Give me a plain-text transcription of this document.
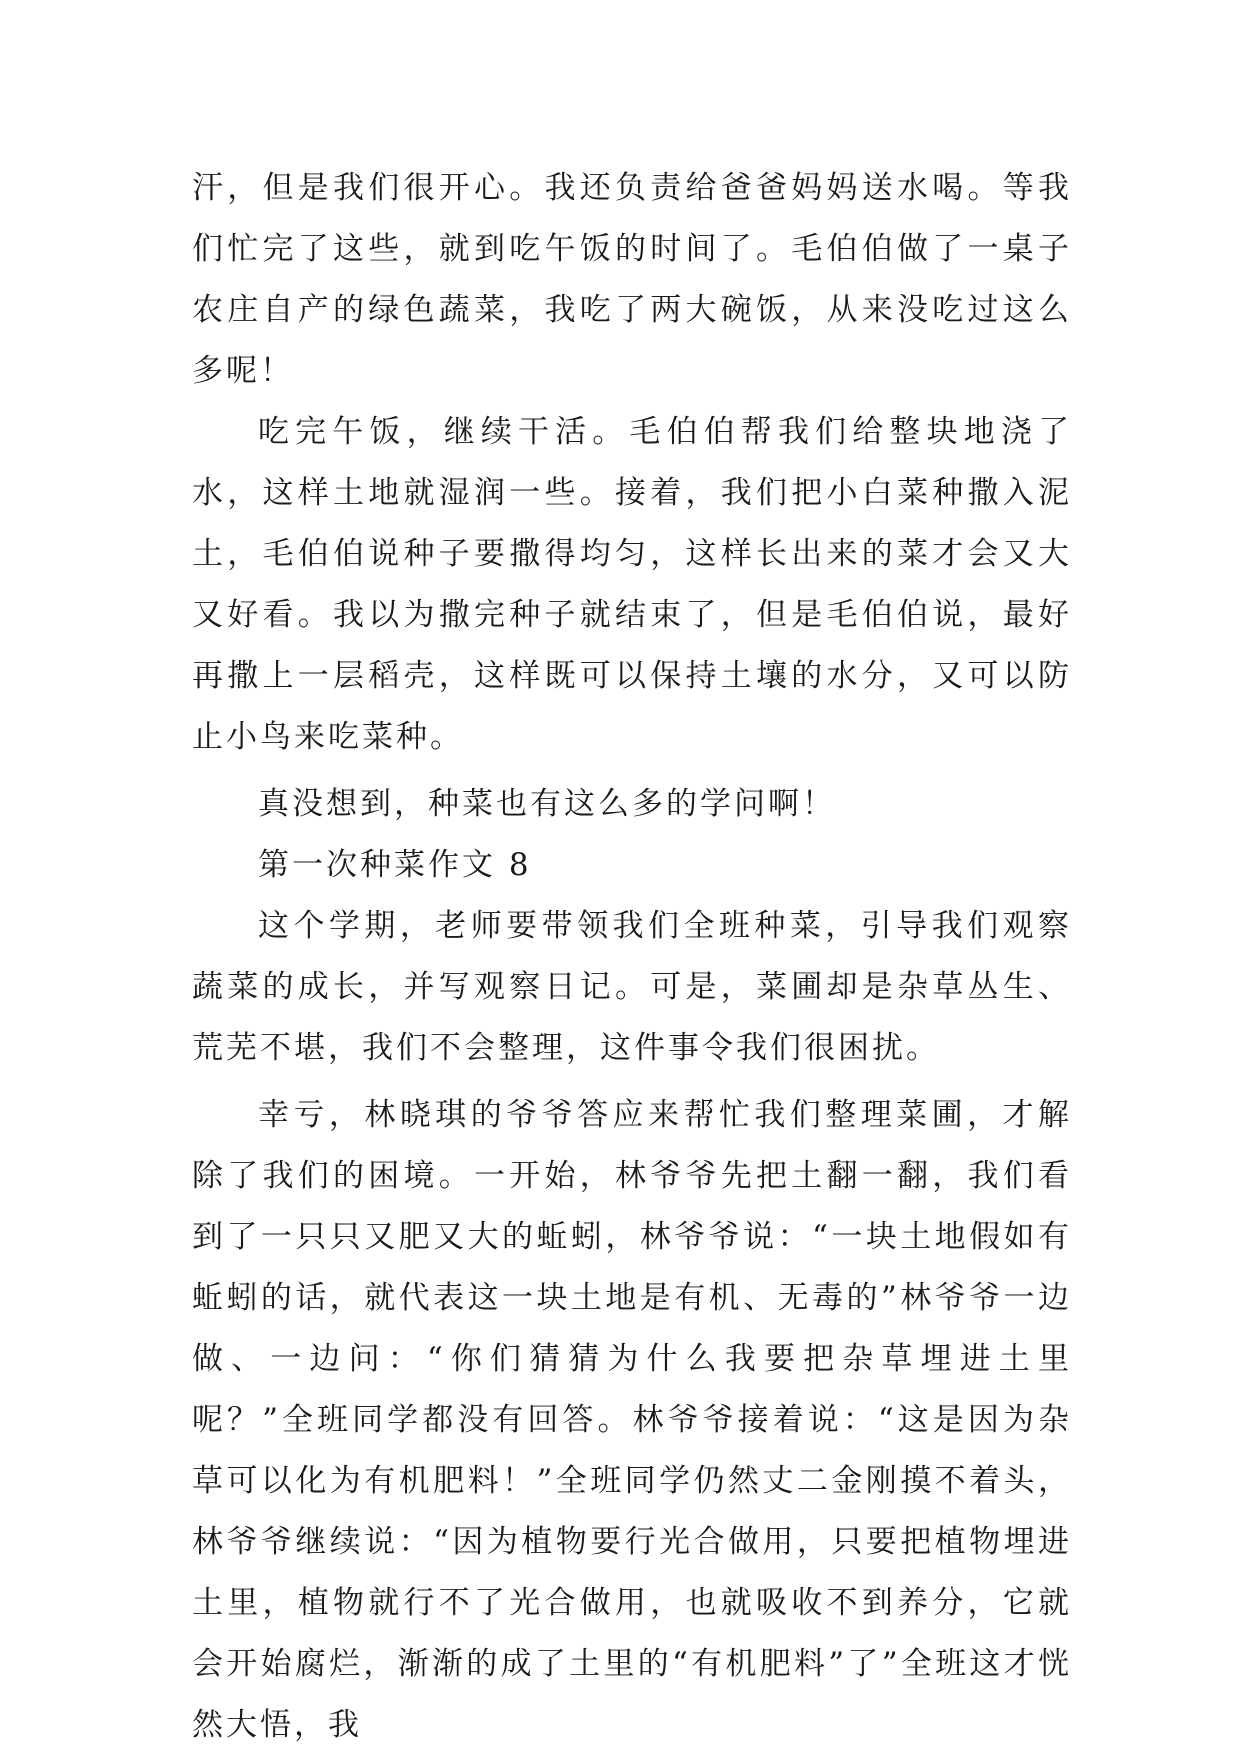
汗，但是我们很开心。我还负责给爸爸妈妈送水喝。等我们忙完了这些，就到吃午饭的时间了。毛伯伯做了一桌子农庄自产的绿色蔬菜，我吃了两大碗饭，从来没吃过这么多呢！

吃完午饭，继续干活。毛伯伯帮我们给整块地浇了水，这样土地就湿润一些。接着，我们把小白菜种撒入泥土，毛伯伯说种子要撒得均匀，这样长出来的菜才会又大又好看。我以为撒完种子就结束了，但是毛伯伯说，最好再撒上一层稻壳，这样既可以保持土壤的水分，又可以防止小鸟来吃菜种。

真没想到，种菜也有这么多的学问啊！

第一次种菜作文 8

这个学期，老师要带领我们全班种菜，引导我们观察蔬菜的成长，并写观察日记。可是，菜圃却是杂草丛生、荒芜不堪，我们不会整理，这件事令我们很困扰。

幸亏，林晓琪的爷爷答应来帮忙我们整理菜圃，才解除了我们的困境。一开始，林爷爷先把土翻一翻，我们看到了一只只又肥又大的蚯蚓，林爷爷说：“一块土地假如有蚯蚓的话，就代表这一块土地是有机、无毒的”林爷爷一边做、一边问：“你们猜猜为什么我要把杂草埋进土里呢？”全班同学都没有回答。林爷爷接着说：“这是因为杂草可以化为有机肥料！”全班同学仍然丈二金刚摸不着头，林爷爷继续说：“因为植物要行光合做用，只要把植物埋进土里，植物就行不了光合做用，也就吸收不到养分，它就会开始腐烂，渐渐的成了土里的“有机肥料”了”全班这才恍然大悟，我
